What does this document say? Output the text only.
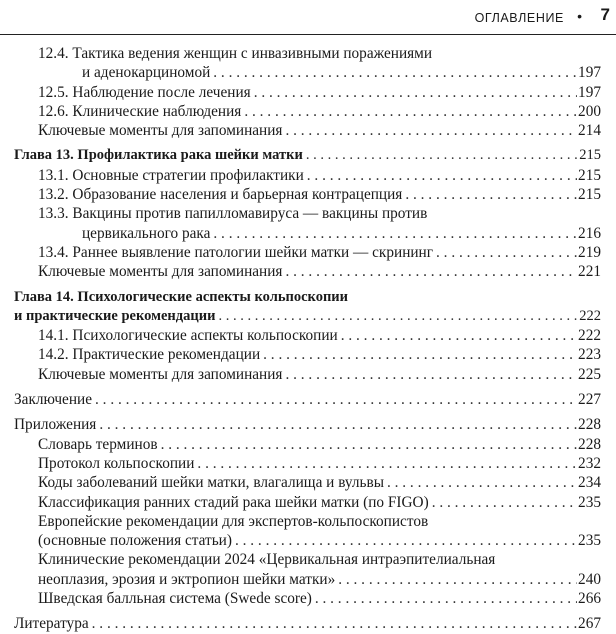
ОГЛАВЛЕНИЕ • 7
12.4. Тактика ведения женщин с инвазивными поражениями
и аденокарциномой . . .	197
12.5. Наблюдение после лечения . . .	197
12.6. Клинические наблюдения . . .	200
Ключевые моменты для запоминания . . .	214
Глава 13. Профилактика рака шейки матки . . .	215
13.1. Основные стратегии профилактики . . .	215
13.2. Образование населения и барьерная контрацепция . . .	215
13.3. Вакцины против папилломавируса — вакцины против
цервикального рака . . .	216
13.4. Раннее выявление патологии шейки матки — скрининг . . .	219
Ключевые моменты для запоминания . . .	221
Глава 14. Психологические аспекты кольпоскопии
и практические рекомендации . . .	222
14.1. Психологические аспекты кольпоскопии . . .	222
14.2. Практические рекомендации . . .	223
Ключевые моменты для запоминания . . .	225
Заключение . . .	227
Приложения . . .	228
Словарь терминов . . .	228
Протокол кольпоскопии . . .	232
Коды заболеваний шейки матки, влагалища и вульвы . . .	234
Классификация ранних стадий рака шейки матки (по FIGO) . . .	235
Европейские рекомендации для экспертов-кольпоскопистов
(основные положения статьи) . . .	235
Клинические рекомендации 2024 «Цервикальная интраэпителиальная
неоплазия, эрозия и эктропион шейки матки» . . .	240
Шведская балльная система (Swede score) . . .	266
Литература . . .	267
